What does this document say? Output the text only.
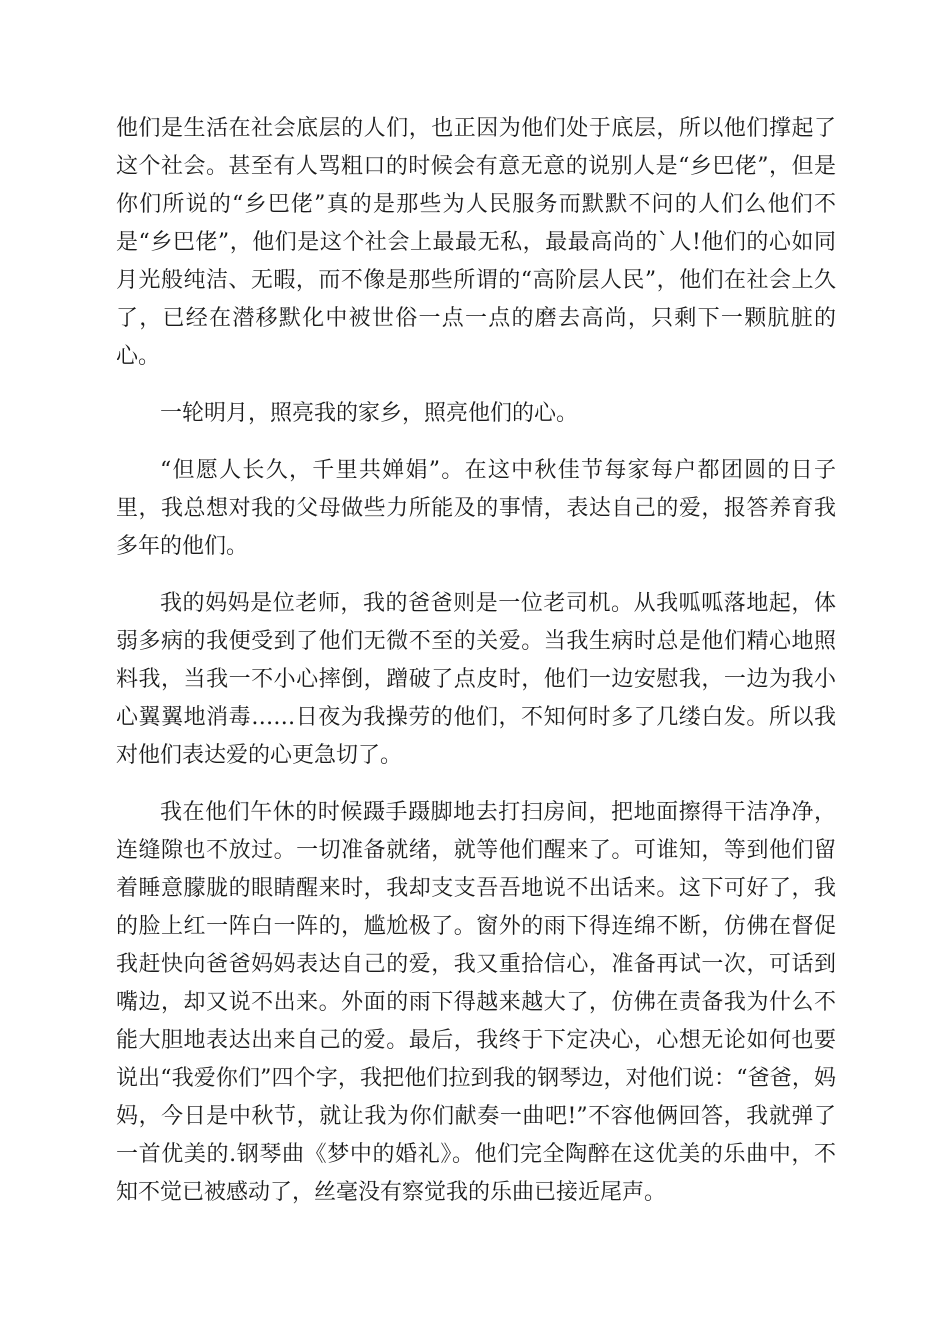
他们是生活在社会底层的人们，也正因为他们处于底层，所以他们撑起了这个社会。甚至有人骂粗口的时候会有意无意的说别人是“乡巴佬”，但是你们所说的“乡巴佬”真的是那些为人民服务而默默不问的人们么他们不是“乡巴佬”，他们是这个社会上最最无私，最最高尚的`人!他们的心如同月光般纯洁、无暇，而不像是那些所谓的“高阶层人民”，他们在社会上久了，已经在潜移默化中被世俗一点一点的磨去高尚，只剩下一颗肮脏的心。

一轮明月，照亮我的家乡，照亮他们的心。

“但愿人长久，千里共婵娟”。在这中秋佳节每家每户都团圆的日子里，我总想对我的父母做些力所能及的事情，表达自己的爱，报答养育我多年的他们。

我的妈妈是位老师，我的爸爸则是一位老司机。从我呱呱落地起，体弱多病的我便受到了他们无微不至的关爱。当我生病时总是他们精心地照料我，当我一不小心摔倒，蹭破了点皮时，他们一边安慰我，一边为我小心翼翼地消毒……日夜为我操劳的他们，不知何时多了几缕白发。所以我对他们表达爱的心更急切了。

我在他们午休的时候蹑手蹑脚地去打扫房间，把地面擦得干洁净净，连缝隙也不放过。一切准备就绪，就等他们醒来了。可谁知，等到他们留着睡意朦胧的眼睛醒来时，我却支支吾吾地说不出话来。这下可好了，我的脸上红一阵白一阵的，尴尬极了。窗外的雨下得连绵不断，仿佛在督促我赶快向爸爸妈妈表达自己的爱，我又重拾信心，准备再试一次，可话到嘴边，却又说不出来。外面的雨下得越来越大了，仿佛在责备我为什么不能大胆地表达出来自己的爱。最后，我终于下定决心，心想无论如何也要说出“我爱你们”四个字，我把他们拉到我的钢琴边，对他们说：“爸爸，妈妈，今日是中秋节，就让我为你们献奏一曲吧!”不容他俩回答，我就弹了一首优美的.钢琴曲《梦中的婚礼》。他们完全陶醉在这优美的乐曲中，不知不觉已被感动了，丝毫没有察觉我的乐曲已接近尾声。
